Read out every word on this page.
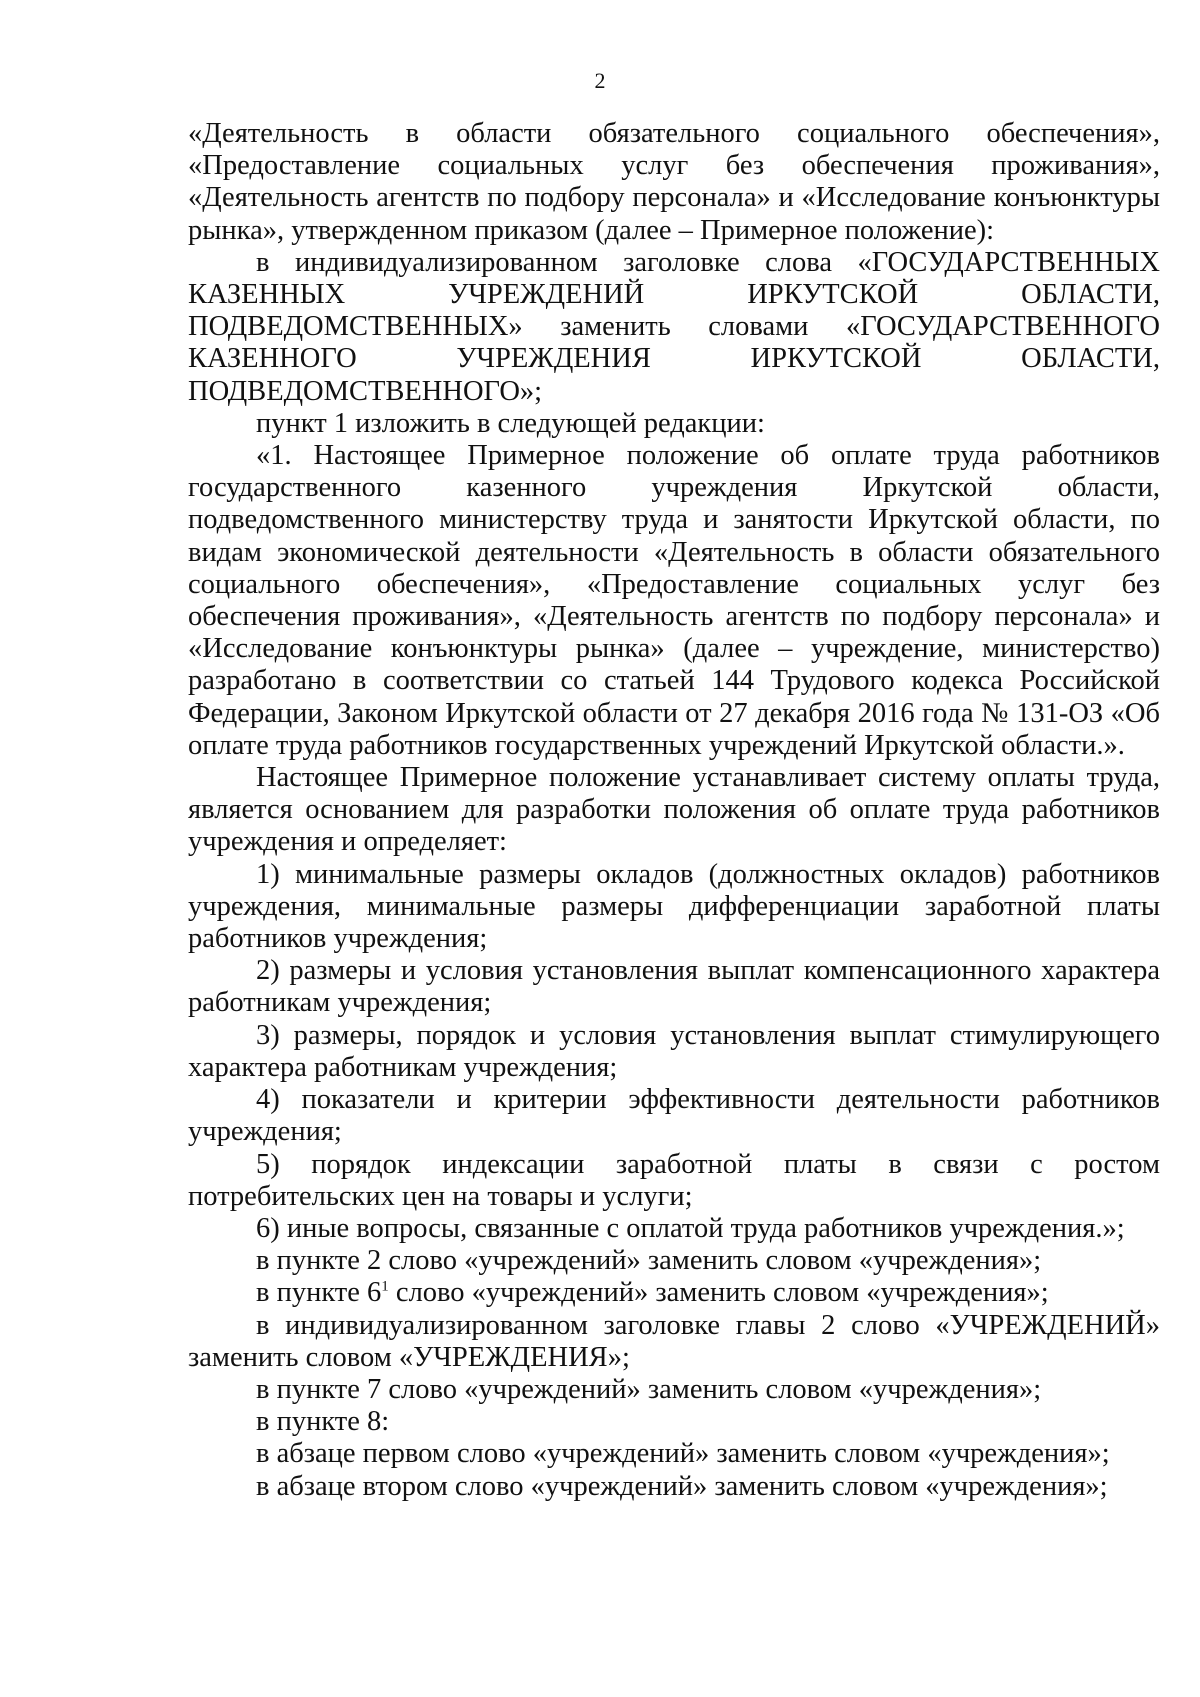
2

«Деятельность в области обязательного социального обеспечения», «Предоставление социальных услуг без обеспечения проживания», «Деятельность агентств по подбору персонала» и «Исследование конъюнктуры рынка», утвержденном приказом (далее – Примерное положение):

в индивидуализированном заголовке слова «ГОСУДАРСТВЕННЫХ КАЗЕННЫХ УЧРЕЖДЕНИЙ ИРКУТСКОЙ ОБЛАСТИ, ПОДВЕДОМСТВЕННЫХ» заменить словами «ГОСУДАРСТВЕННОГО КАЗЕННОГО УЧРЕЖДЕНИЯ ИРКУТСКОЙ ОБЛАСТИ, ПОДВЕДОМСТВЕННОГО»;

пункт 1 изложить в следующей редакции:

«1. Настоящее Примерное положение об оплате труда работников государственного казенного учреждения Иркутской области, подведомственного министерству труда и занятости Иркутской области, по видам экономической деятельности «Деятельность в области обязательного социального обеспечения», «Предоставление социальных услуг без обеспечения проживания», «Деятельность агентств по подбору персонала» и «Исследование конъюнктуры рынка» (далее – учреждение, министерство) разработано в соответствии со статьей 144 Трудового кодекса Российской Федерации, Законом Иркутской области от 27 декабря 2016 года № 131-ОЗ «Об оплате труда работников государственных учреждений Иркутской области.».

Настоящее Примерное положение устанавливает систему оплаты труда, является основанием для разработки положения об оплате труда работников учреждения и определяет:

1) минимальные размеры окладов (должностных окладов) работников учреждения, минимальные размеры дифференциации заработной платы работников учреждения;

2) размеры и условия установления выплат компенсационного характера работникам учреждения;

3) размеры, порядок и условия установления выплат стимулирующего характера работникам учреждения;

4) показатели и критерии эффективности деятельности работников учреждения;

5) порядок индексации заработной платы в связи с ростом потребительских цен на товары и услуги;

6) иные вопросы, связанные с оплатой труда работников учреждения.»;

в пункте 2 слово «учреждений» заменить словом «учреждения»;

в пункте $6^1$ слово «учреждений» заменить словом «учреждения»;

в индивидуализированном заголовке главы 2 слово «УЧРЕЖДЕНИЙ» заменить словом «УЧРЕЖДЕНИЯ»;

в пункте 7 слово «учреждений» заменить словом «учреждения»;

в пункте 8:

в абзаце первом слово «учреждений» заменить словом «учреждения»;

в абзаце втором слово «учреждений» заменить словом «учреждения»;
